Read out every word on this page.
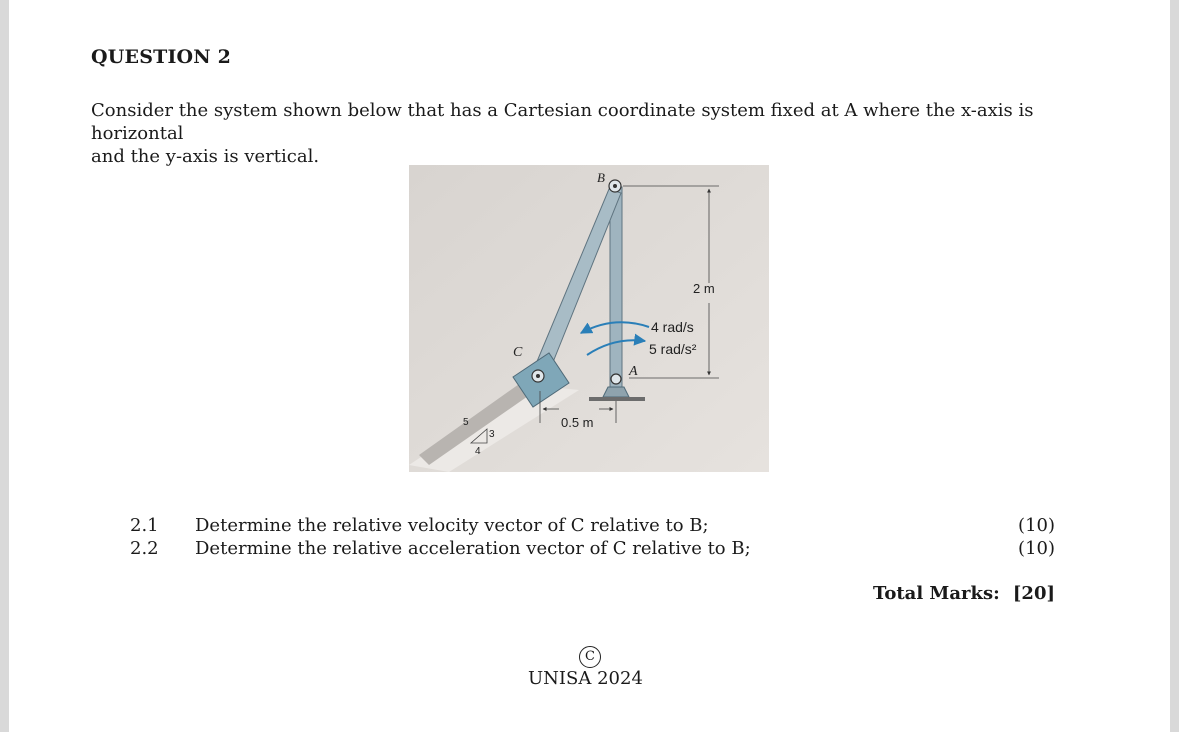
QUESTION 2
Consider the system shown below that has a Cartesian coordinate system fixed at A where the x-axis is horizontal
and the y-axis is vertical.
2 m
0.5 m
4 rad/s
5 rad/s²
B
C
A
5
3
4
2.1 Determine the relative velocity vector of C relative to B;	(10)
2.2 Determine the relative acceleration vector of C relative to B;	(10)
Total Marks: [20]
C
UNISA 2024
